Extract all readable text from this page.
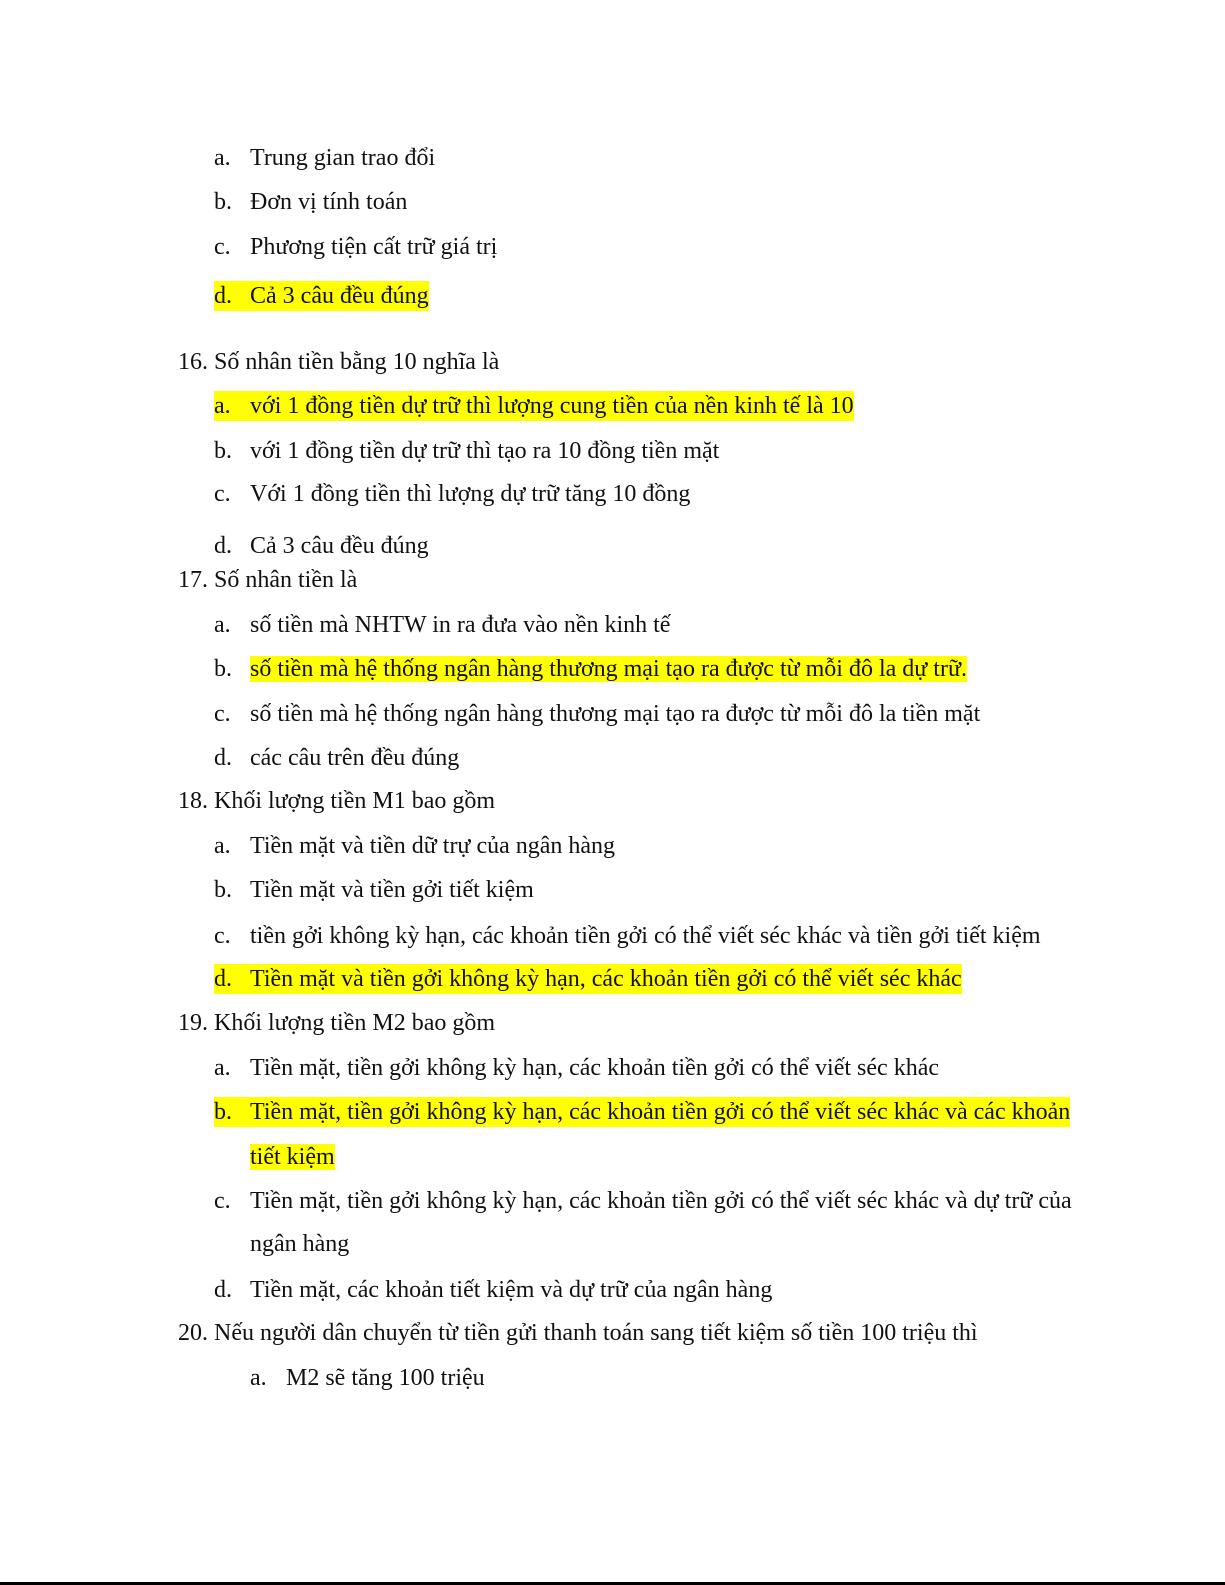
a. Trung gian trao đổi
b. Đơn vị tính toán
c. Phương tiện cất trữ giá trị
d. Cả 3 câu đều đúng
16. Số nhân tiền bằng 10 nghĩa là
a. với 1 đồng tiền dự trữ thì lượng cung tiền của nền kinh tế là 10
b. với 1 đồng tiền dự trữ thì tạo ra 10 đồng tiền mặt
c. Với 1 đồng tiền thì lượng dự trữ tăng 10 đồng
d. Cả 3 câu đều đúng
17. Số nhân tiền là
a. số tiền mà NHTW in ra đưa vào nền kinh tế
b. số tiền mà hệ thống ngân hàng thương mại tạo ra được từ mỗi đô la dự trữ.
c. số tiền mà hệ thống ngân hàng thương mại tạo ra được từ mỗi đô la tiền mặt
d. các câu trên đều đúng
18. Khối lượng tiền M1 bao gồm
a. Tiền mặt và tiền dữ trự của ngân hàng
b. Tiền mặt và tiền gởi tiết kiệm
c. tiền gởi không kỳ hạn, các khoản tiền gởi có thể viết séc khác và tiền gởi tiết kiệm
d. Tiền mặt và tiền gởi không kỳ hạn, các khoản tiền gởi có thể viết séc khác
19. Khối lượng tiền M2 bao gồm
a. Tiền mặt, tiền gởi không kỳ hạn, các khoản tiền gởi có thể viết séc khác
b. Tiền mặt, tiền gởi không kỳ hạn, các khoản tiền gởi có thể viết séc khác và các khoản
tiết kiệm
c. Tiền mặt, tiền gởi không kỳ hạn, các khoản tiền gởi có thể viết séc khác và dự trữ của
ngân hàng
d. Tiền mặt, các khoản tiết kiệm và dự trữ của ngân hàng
20. Nếu người dân chuyển từ tiền gửi thanh toán sang tiết kiệm số tiền 100 triệu thì
a. M2 sẽ tăng 100 triệu
